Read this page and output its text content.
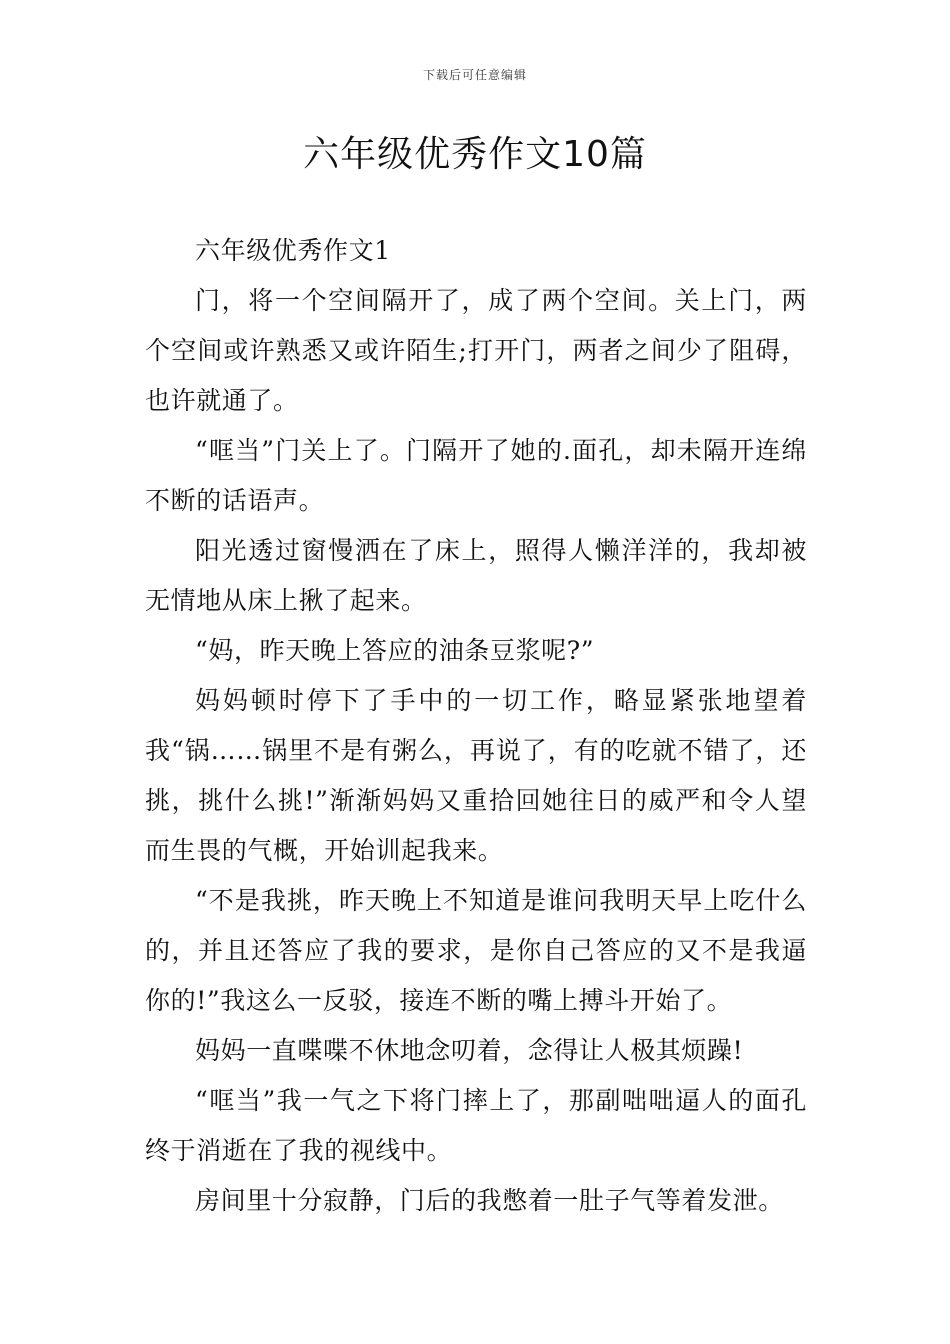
下载后可任意编辑
六年级优秀作文10篇

六年级优秀作文1

门，将一个空间隔开了，成了两个空间。关上门，两个空间或许熟悉又或许陌生;打开门，两者之间少了阻碍，也许就通了。

“哐当”门关上了。门隔开了她的.面孔，却未隔开连绵不断的话语声。

阳光透过窗慢洒在了床上，照得人懒洋洋的，我却被无情地从床上揪了起来。

“妈，昨天晚上答应的油条豆浆呢?”

妈妈顿时停下了手中的一切工作，略显紧张地望着我“锅……锅里不是有粥么，再说了，有的吃就不错了，还挑，挑什么挑!”渐渐妈妈又重拾回她往日的威严和令人望而生畏的气概，开始训起我来。

“不是我挑，昨天晚上不知道是谁问我明天早上吃什么的，并且还答应了我的要求，是你自己答应的又不是我逼你的!”我这么一反驳，接连不断的嘴上搏斗开始了。

妈妈一直喋喋不休地念叨着，念得让人极其烦躁!

“哐当”我一气之下将门摔上了，那副咄咄逼人的面孔终于消逝在了我的视线中。

房间里十分寂静，门后的我憋着一肚子气等着发泄。
